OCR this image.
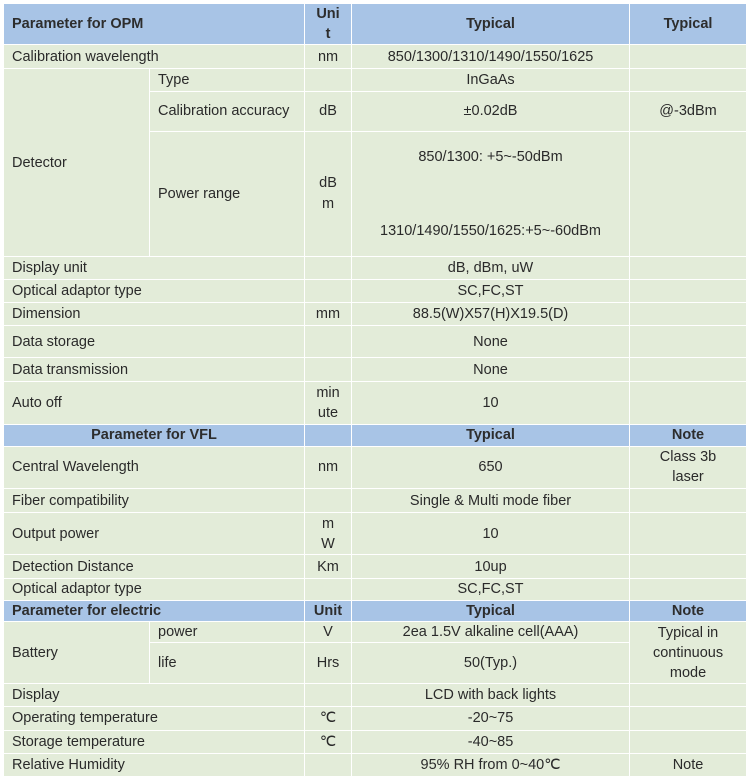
Parameter for OPM		Unit	Typical	Typical
Calibration wavelength		nm	850/1300/1310/1490/1550/1625	
Detector	Type		InGaAs	
	Calibration accuracy	dB	±0.02dB	@-3dBm
	Power range	dBm	850/1300: +5~-50dBm
1310/1490/1550/1625:+5~-60dBm	

Display unit			dB, dBm, uW	
Optical adaptor type			SC,FC,ST	
Dimension		mm	88.5(W)X57(H)X19.5(D)	
Data storage			None	
Data transmission			None	
Auto off		minute	10	
Parameter for VFL			Typical	Note
Central Wavelength		nm	650	Class 3b laser
Fiber compatibility			Single & Multi mode fiber	
Output power		mW	10	
Detection Distance		Km	10up	
Optical adaptor type			SC,FC,ST	
Parameter for electric		Unit	Typical	Note
Battery	power	V	2ea 1.5V alkaline cell(AAA)	Typical in continuous mode
	life	Hrs	50(Typ.)	
Display			LCD with back lights	
Operating temperature		℃	-20~75	
Storage temperature		℃	-40~85	
Relative Humidity			95% RH from 0~40℃	Note
